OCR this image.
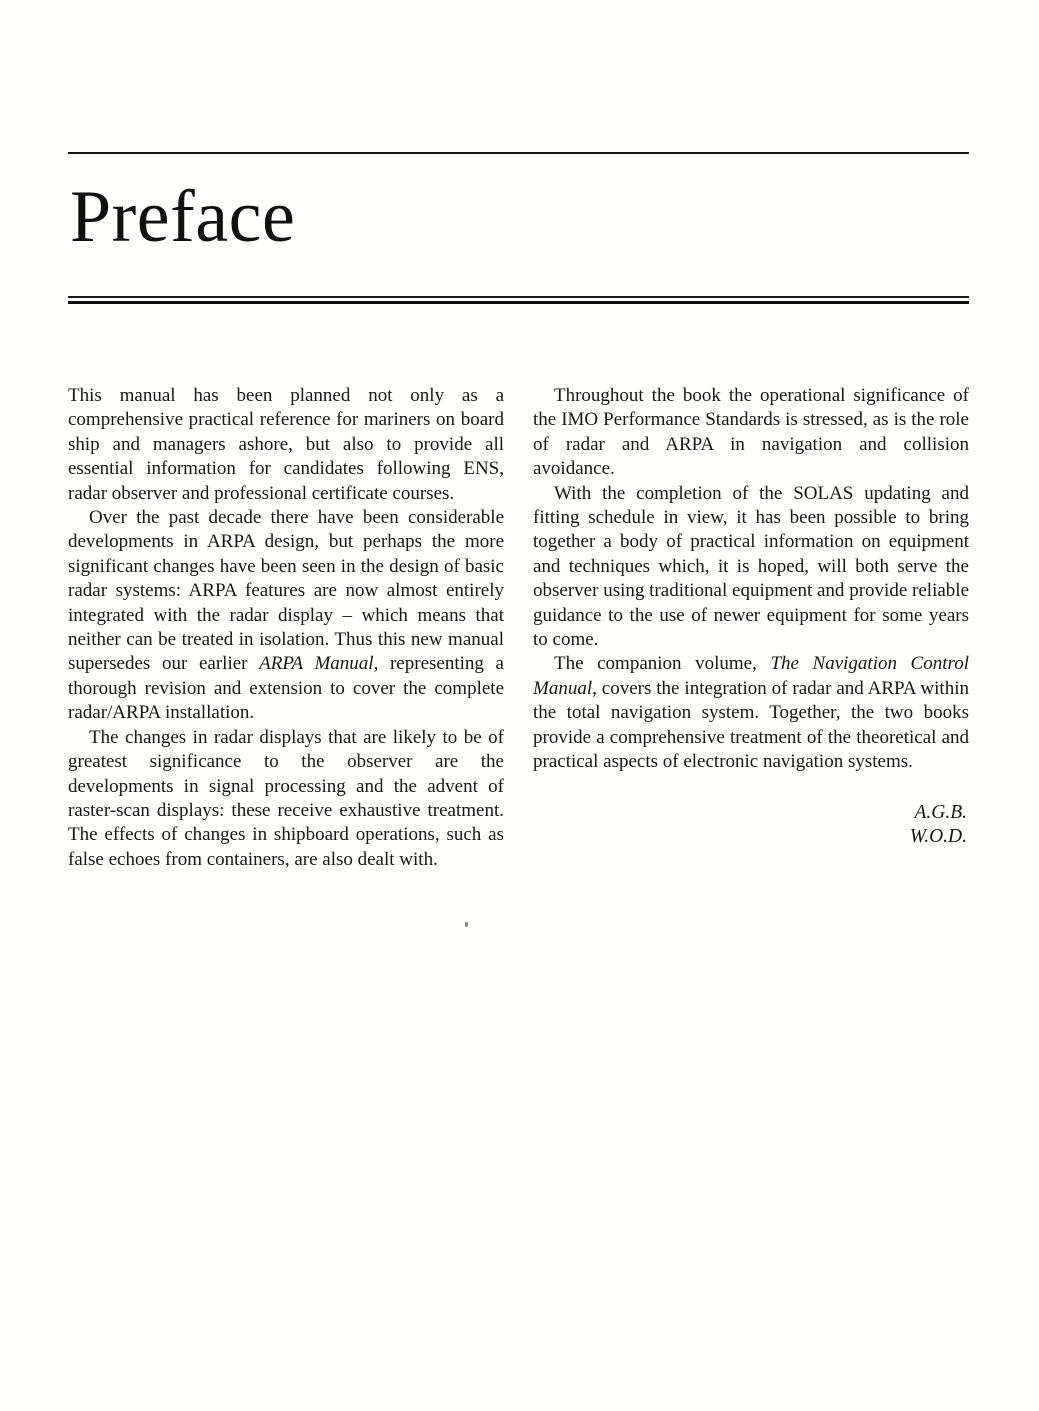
Preface

This manual has been planned not only as a comprehensive practical reference for mariners on board ship and managers ashore, but also to provide all essential information for candidates following ENS, radar observer and professional certificate courses.

Over the past decade there have been considerable developments in ARPA design, but perhaps the more significant changes have been seen in the design of basic radar systems: ARPA features are now almost entirely integrated with the radar display – which means that neither can be treated in isolation. Thus this new manual supersedes our earlier ARPA Manual, representing a thorough revision and extension to cover the complete radar/ARPA installation.

The changes in radar displays that are likely to be of greatest significance to the observer are the developments in signal processing and the advent of raster-scan displays: these receive exhaustive treatment. The effects of changes in shipboard operations, such as false echoes from containers, are also dealt with.

Throughout the book the operational significance of the IMO Performance Standards is stressed, as is the role of radar and ARPA in navigation and collision avoidance.

With the completion of the SOLAS updating and fitting schedule in view, it has been possible to bring together a body of practical information on equipment and techniques which, it is hoped, will both serve the observer using traditional equipment and provide reliable guidance to the use of newer equipment for some years to come.

The companion volume, The Navigation Control Manual, covers the integration of radar and ARPA within the total navigation system. Together, the two books provide a comprehensive treatment of the theoretical and practical aspects of electronic navigation systems.

A.G.B.
W.O.D.
